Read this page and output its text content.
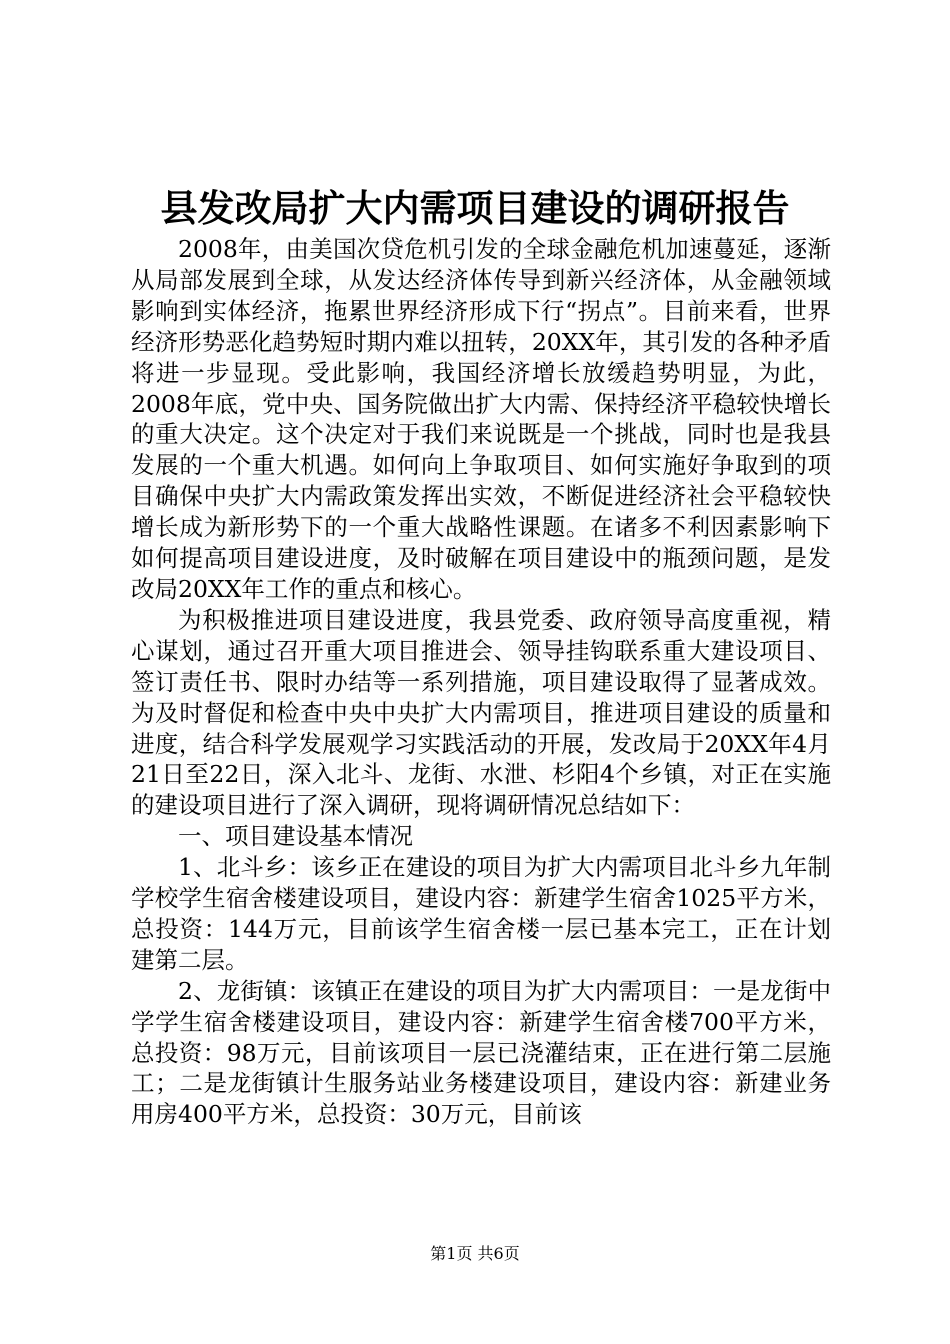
县发改局扩大内需项目建设的调研报告

2008年，由美国次贷危机引发的全球金融危机加速蔓延，逐渐从局部发展到全球，从发达经济体传导到新兴经济体，从金融领域影响到实体经济，拖累世界经济形成下行“拐点”。目前来看，世界经济形势恶化趋势短时期内难以扭转，20XX年，其引发的各种矛盾将进一步显现。受此影响，我国经济增长放缓趋势明显，为此，2008年底，党中央、国务院做出扩大内需、保持经济平稳较快增长的重大决定。这个决定对于我们来说既是一个挑战，同时也是我县发展的一个重大机遇。如何向上争取项目、如何实施好争取到的项目确保中央扩大内需政策发挥出实效，不断促进经济社会平稳较快增长成为新形势下的一个重大战略性课题。在诸多不利因素影响下如何提高项目建设进度，及时破解在项目建设中的瓶颈问题，是发改局20XX年工作的重点和核心。

为积极推进项目建设进度，我县党委、政府领导高度重视，精心谋划，通过召开重大项目推进会、领导挂钩联系重大建设项目、签订责任书、限时办结等一系列措施，项目建设取得了显著成效。为及时督促和检查中央中央扩大内需项目，推进项目建设的质量和进度，结合科学发展观学习实践活动的开展，发改局于20XX年4月21日至22日，深入北斗、龙街、水泄、杉阳4个乡镇，对正在实施的建设项目进行了深入调研，现将调研情况总结如下：

一、项目建设基本情况

1、北斗乡：该乡正在建设的项目为扩大内需项目北斗乡九年制学校学生宿舍楼建设项目，建设内容：新建学生宿舍1025平方米，总投资：144万元，目前该学生宿舍楼一层已基本完工，正在计划建第二层。

2、龙街镇：该镇正在建设的项目为扩大内需项目：一是龙街中学学生宿舍楼建设项目，建设内容：新建学生宿舍楼700平方米，总投资：98万元，目前该项目一层已浇灌结束，正在进行第二层施工；二是龙街镇计生服务站业务楼建设项目，建设内容：新建业务用房400平方米，总投资：30万元，目前该

第1页 共6页
